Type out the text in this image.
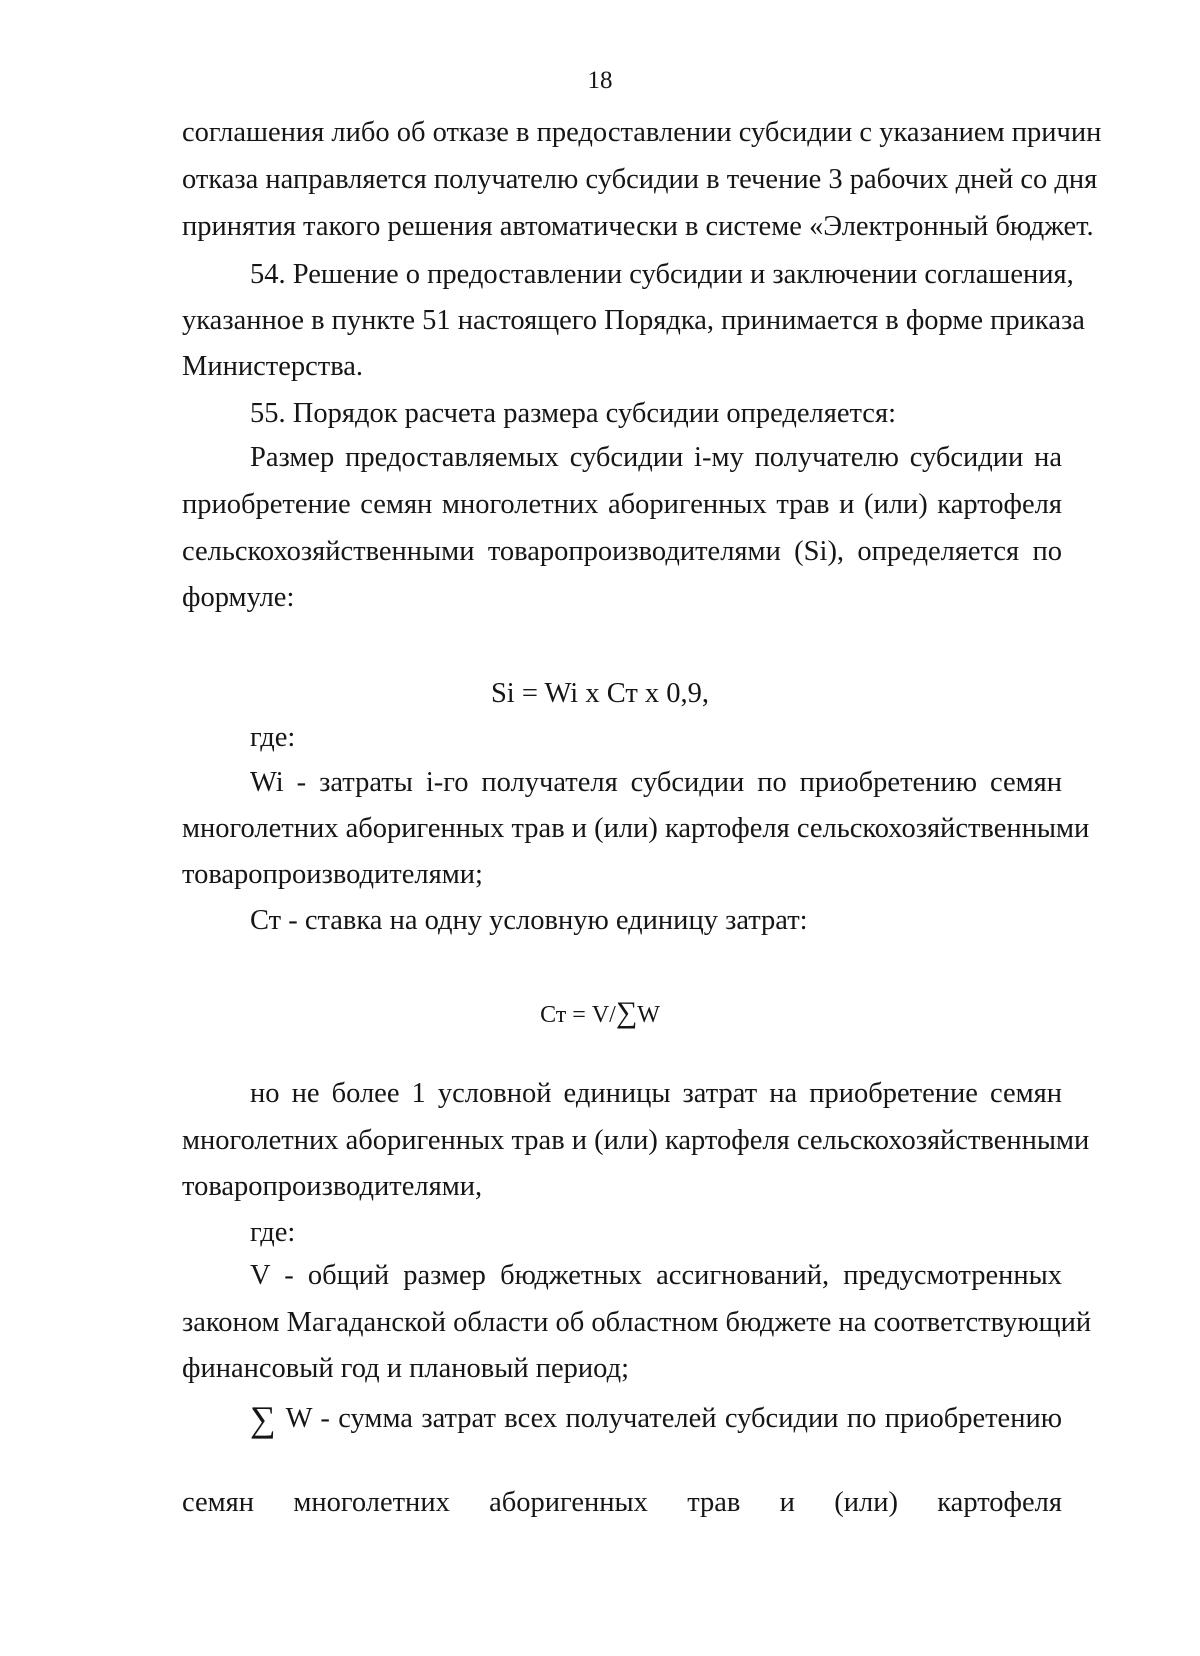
18
соглашения либо об отказе в предоставлении субсидии с указанием причин
отказа направляется получателю субсидии в течение 3 рабочих дней со дня
принятия такого решения автоматически в системе «Электронный бюджет.
54. Решение о предоставлении субсидии и заключении соглашения,
указанное в пункте 51 настоящего Порядка, принимается в форме приказа
Министерства.
55. Порядок расчета размера субсидии определяется:
Размер предоставляемых субсидии i-му получателю субсидии на
приобретение семян многолетних аборигенных трав и (или) картофеля
сельскохозяйственными товаропроизводителями (Si), определяется по
формуле:
Si = Wi x Ст x 0,9,
где:
Wi - затраты i-го получателя субсидии по приобретению семян
многолетних аборигенных трав и (или) картофеля сельскохозяйственными
товаропроизводителями;
Ст - ставка на одну условную единицу затрат:
Ст = V/∑W
но не более 1 условной единицы затрат на приобретение семян
многолетних аборигенных трав и (или) картофеля сельскохозяйственными
товаропроизводителями,
где:
V - общий размер бюджетных ассигнований, предусмотренных
законом Магаданской области об областном бюджете на соответствующий
финансовый год и плановый период;
∑ W - сумма затрат всех получателей субсидии по приобретению
семян многолетних аборигенных трав и (или) картофеля
